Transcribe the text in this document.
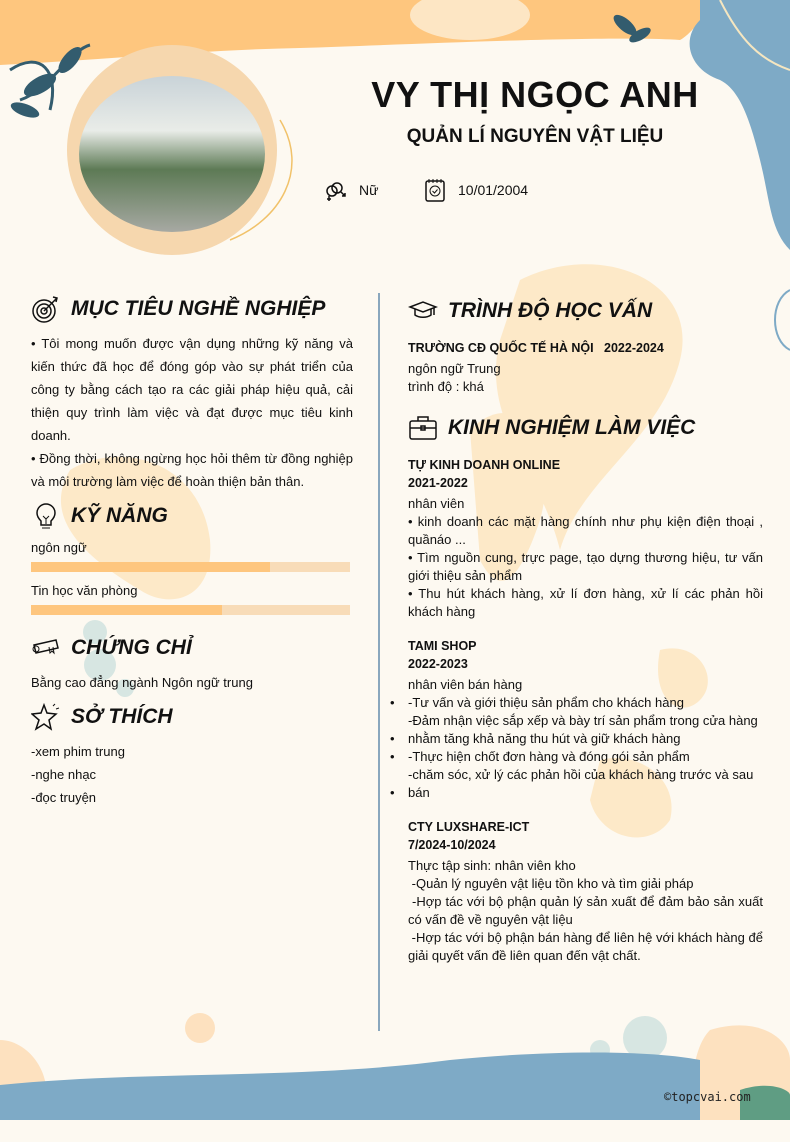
VY THỊ NGỌC ANH
QUẢN LÍ NGUYÊN VẬT LIỆU
Nữ	10/01/2004
MỤC TIÊU NGHỀ NGHIỆP
• Tôi mong muốn được vận dụng những kỹ năng và kiến thức đã học để đóng góp vào sự phát triển của công ty bằng cách tạo ra các giải pháp hiệu quả, cải thiện quy trình làm việc và đạt được mục tiêu kinh doanh.
• Đồng thời, không ngừng học hỏi thêm từ đồng nghiệp và môi trường làm việc để hoàn thiện bản thân.
KỸ NĂNG
ngôn ngữ
Tin học văn phòng
CHỨNG CHỈ
Bằng cao đẳng ngành Ngôn ngữ trung
SỞ THÍCH
-xem phim trung
-nghe nhạc
-đọc truyện
TRÌNH ĐỘ HỌC VẤN
TRƯỜNG CĐ QUỐC TẾ HÀ NỘI   2022-2024
ngôn ngữ Trung
trình độ : khá
KINH NGHIỆM LÀM VIỆC
TỰ KINH DOANH ONLINE
2021-2022
nhân viên
• kinh doanh các mặt hàng chính như phụ kiện điện thoại , quầnáo ...
• Tìm nguồn cung, trực page, tạo dựng thương hiệu, tư vấn giới thiệu sản phẩm
• Thu hút khách hàng, xử lí đơn hàng, xử lí các phản hồi khách hàng
TAMI SHOP
2022-2023
nhân viên bán hàng
• -Tư vấn và giới thiệu sản phẩm cho khách hàng
-Đảm nhận việc sắp xếp và bày trí sản phẩm trong cửa hàng
• nhằm tăng khả năng thu hút và giữ khách hàng
• -Thực hiện chốt đơn hàng và đóng gói sản phẩm
-chăm sóc, xử lý các phản hồi của khách hàng trước và sau
• bán
CTY LUXSHARE-ICT
7/2024-10/2024
Thực tập sinh: nhân viên kho
-Quản lý nguyên vật liệu tồn kho và tìm giải pháp
-Hợp tác với bộ phận quản lý sản xuất để đảm bảo sản xuất có vấn đề về nguyên vật liệu
-Hợp tác với bộ phận bán hàng để liên hệ với khách hàng để giải quyết vấn đề liên quan đến vật chất.
©topcvai.com
